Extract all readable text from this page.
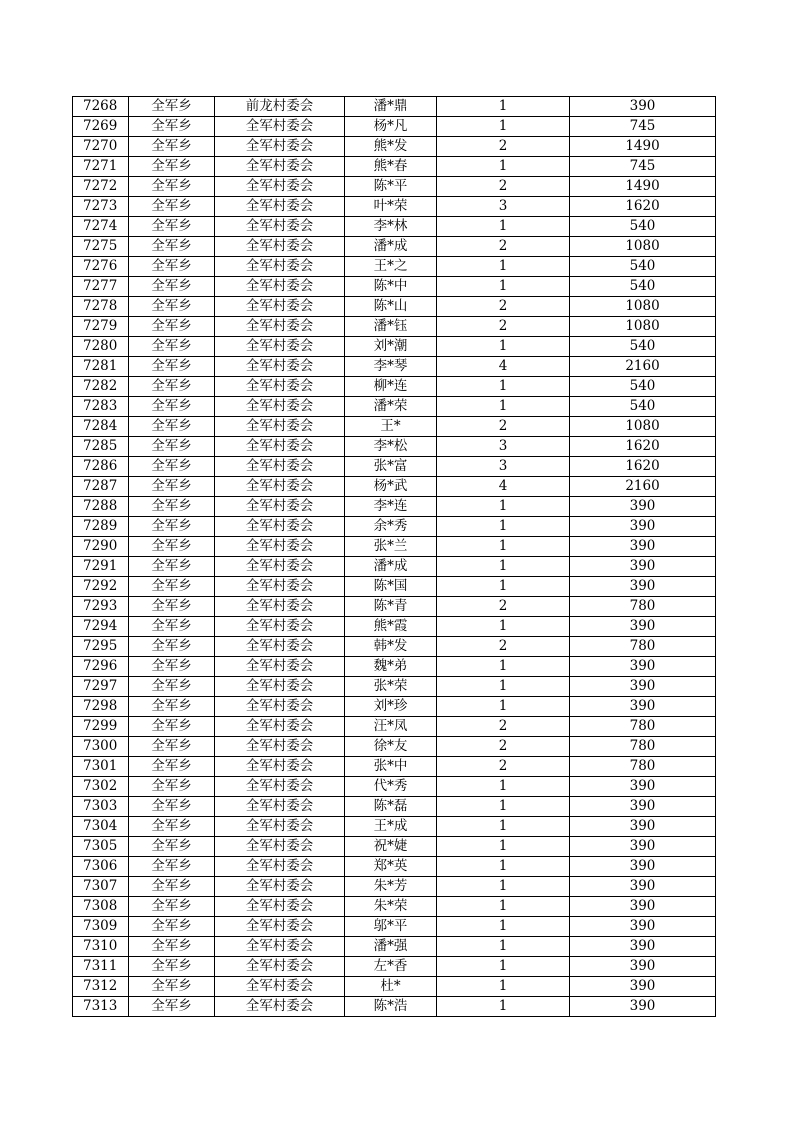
7268	全军乡	前龙村委会	潘*鼎	1	390
7269	全军乡	全军村委会	杨*凡	1	745
7270	全军乡	全军村委会	熊*发	2	1490
7271	全军乡	全军村委会	熊*春	1	745
7272	全军乡	全军村委会	陈*平	2	1490
7273	全军乡	全军村委会	叶*荣	3	1620
7274	全军乡	全军村委会	李*林	1	540
7275	全军乡	全军村委会	潘*成	2	1080
7276	全军乡	全军村委会	王*之	1	540
7277	全军乡	全军村委会	陈*中	1	540
7278	全军乡	全军村委会	陈*山	2	1080
7279	全军乡	全军村委会	潘*钰	2	1080
7280	全军乡	全军村委会	刘*潮	1	540
7281	全军乡	全军村委会	李*琴	4	2160
7282	全军乡	全军村委会	柳*连	1	540
7283	全军乡	全军村委会	潘*荣	1	540
7284	全军乡	全军村委会	王*	2	1080
7285	全军乡	全军村委会	李*松	3	1620
7286	全军乡	全军村委会	张*富	3	1620
7287	全军乡	全军村委会	杨*武	4	2160
7288	全军乡	全军村委会	李*连	1	390
7289	全军乡	全军村委会	余*秀	1	390
7290	全军乡	全军村委会	张*兰	1	390
7291	全军乡	全军村委会	潘*成	1	390
7292	全军乡	全军村委会	陈*国	1	390
7293	全军乡	全军村委会	陈*青	2	780
7294	全军乡	全军村委会	熊*霞	1	390
7295	全军乡	全军村委会	韩*发	2	780
7296	全军乡	全军村委会	魏*弟	1	390
7297	全军乡	全军村委会	张*荣	1	390
7298	全军乡	全军村委会	刘*珍	1	390
7299	全军乡	全军村委会	汪*凤	2	780
7300	全军乡	全军村委会	徐*友	2	780
7301	全军乡	全军村委会	张*中	2	780
7302	全军乡	全军村委会	代*秀	1	390
7303	全军乡	全军村委会	陈*磊	1	390
7304	全军乡	全军村委会	王*成	1	390
7305	全军乡	全军村委会	祝*婕	1	390
7306	全军乡	全军村委会	郑*英	1	390
7307	全军乡	全军村委会	朱*芳	1	390
7308	全军乡	全军村委会	朱*荣	1	390
7309	全军乡	全军村委会	邬*平	1	390
7310	全军乡	全军村委会	潘*强	1	390
7311	全军乡	全军村委会	左*香	1	390
7312	全军乡	全军村委会	杜*	1	390
7313	全军乡	全军村委会	陈*浩	1	390
